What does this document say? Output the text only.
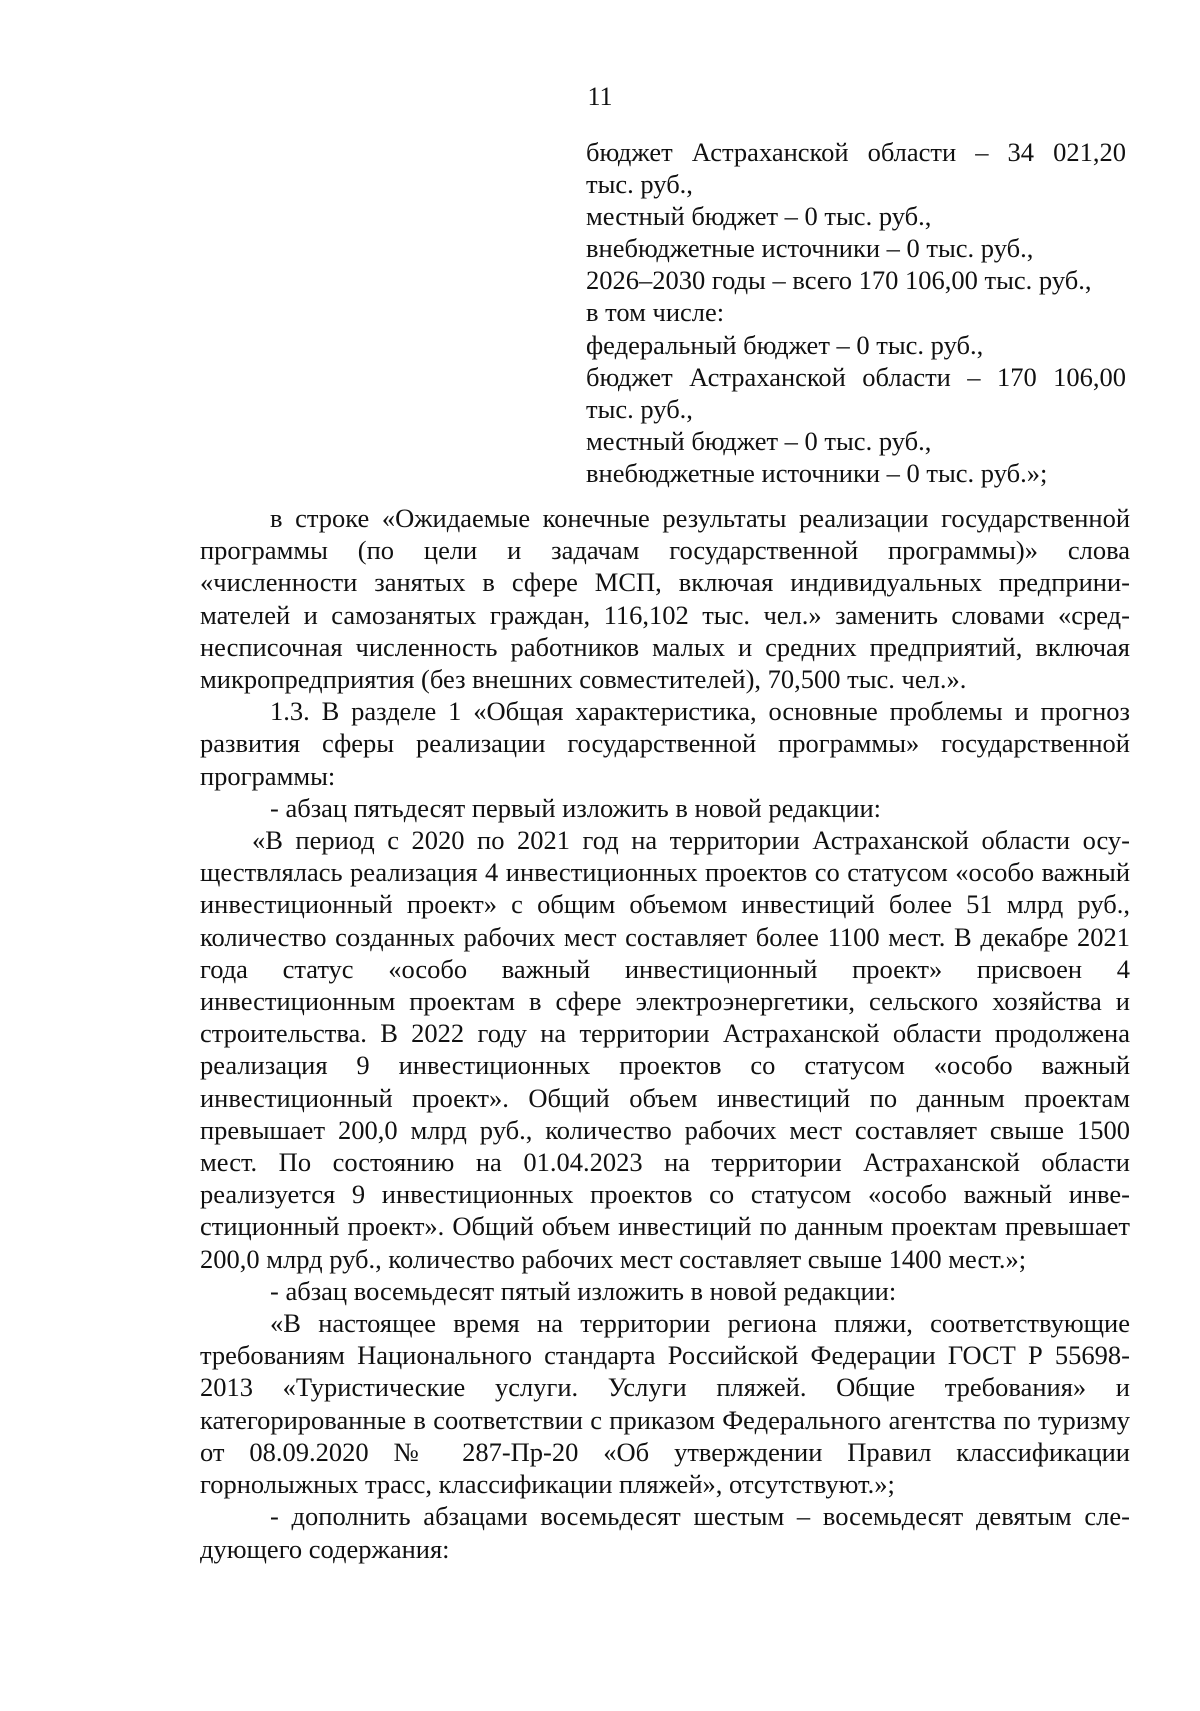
11
бюджет Астраханской области – 34 021,20
тыс. руб.,
местный бюджет – 0 тыс. руб.,
внебюджетные источники – 0 тыс. руб.,
2026–2030 годы – всего 170 106,00 тыс. руб.,
в том числе:
федеральный бюджет – 0 тыс. руб.,
бюджет Астраханской области – 170 106,00
тыс. руб.,
местный бюджет – 0 тыс. руб.,
внебюджетные источники – 0 тыс. руб.»;

в строке «Ожидаемые конечные результаты реализации государственной программы (по цели и задачам государственной программы)» слова «численности занятых в сфере МСП, включая индивидуальных предпринимателей и самозанятых граждан, 116,102 тыс. чел.» заменить словами «среднесписочная численность работников малых и средних предприятий, включая микропредприятия (без внешних совместителей), 70,500 тыс. чел.».

1.3. В разделе 1 «Общая характеристика, основные проблемы и прогноз развития сферы реализации государственной программы» государственной программы:

- абзац пятьдесят первый изложить в новой редакции:

«В период с 2020 по 2021 год на территории Астраханской области осуществлялась реализация 4 инвестиционных проектов со статусом «особо важный инвестиционный проект» с общим объемом инвестиций более 51 млрд руб., количество созданных рабочих мест составляет более 1100 мест. В декабре 2021 года статус «особо важный инвестиционный проект» присвоен 4 инвестиционным проектам в сфере электроэнергетики, сельского хозяйства и строительства. В 2022 году на территории Астраханской области продолжена реализация 9 инвестиционных проектов со статусом «особо важный инвестиционный проект». Общий объем инвестиций по данным проектам превышает 200,0 млрд руб., количество рабочих мест составляет свыше 1500 мест. По состоянию на 01.04.2023 на территории Астраханской области реализуется 9 инвестиционных проектов со статусом «особо важный инвестиционный проект». Общий объем инвестиций по данным проектам превышает 200,0 млрд руб., количество рабочих мест составляет свыше 1400 мест.»;

- абзац восемьдесят пятый изложить в новой редакции:

«В настоящее время на территории региона пляжи, соответствующие требованиям Национального стандарта Российской Федерации ГОСТ Р 55698-2013 «Туристические услуги. Услуги пляжей. Общие требования» и категорированные в соответствии с приказом Федерального агентства по туризму от 08.09.2020 № 287-Пр-20 «Об утверждении Правил классификации горнолыжных трасс, классификации пляжей», отсутствуют.»;

- дополнить абзацами восемьдесят шестым – восемьдесят девятым следующего содержания:
